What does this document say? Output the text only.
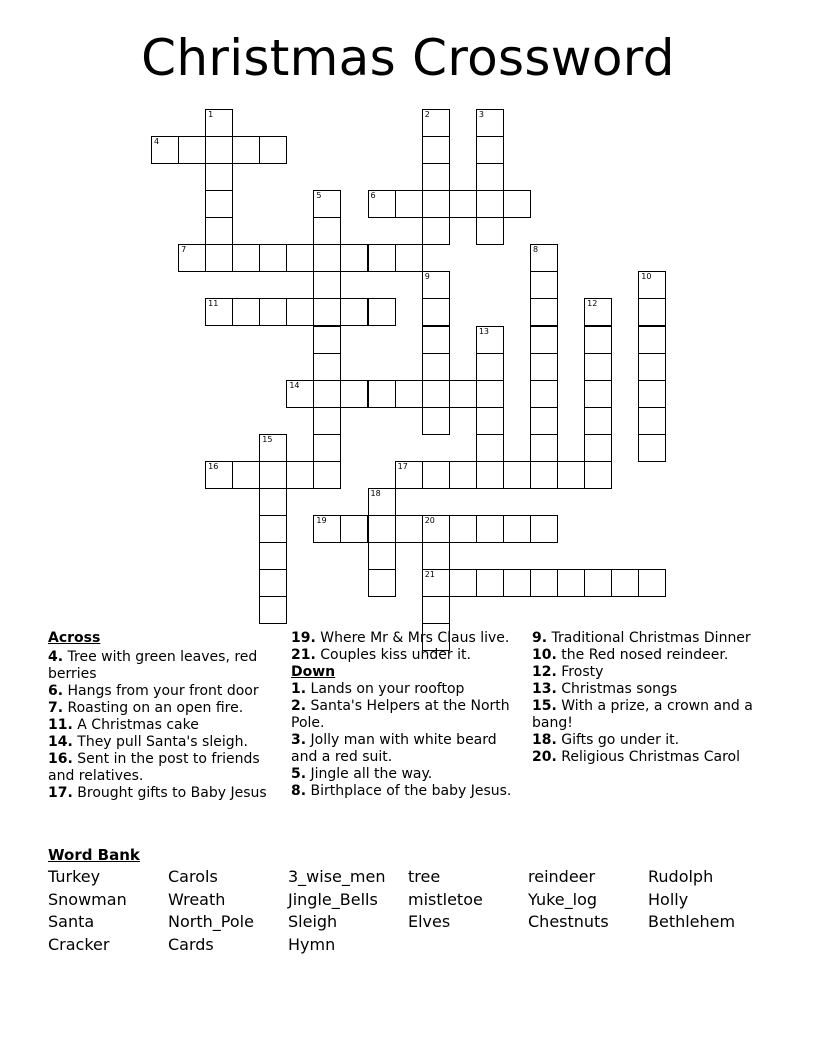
Christmas Crossword
1	2	3
4
5	6
7	8
9	10
11	12
13
14
15
16	17
18
19	20
21
Across
4. Tree with green leaves, red berries
6. Hangs from your front door
7. Roasting on an open fire.
11. A Christmas cake
14. They pull Santa's sleigh.
16. Sent in the post to friends and relatives.
17. Brought gifts to Baby Jesus
19. Where Mr & Mrs Claus live.
21. Couples kiss under it.
Down
1. Lands on your rooftop
2. Santa's Helpers at the North Pole.
3. Jolly man with white beard and a red suit.
5. Jingle all the way.
8. Birthplace of the baby Jesus.
9. Traditional Christmas Dinner
10. the Red nosed reindeer.
12. Frosty
13. Christmas songs
15. With a prize, a crown and a bang!
18. Gifts go under it.
20. Religious Christmas Carol
Word Bank
Turkey	Carols	3_wise_men	tree	reindeer	Rudolph
Snowman	Wreath	Jingle_Bells	mistletoe	Yuke_log	Holly
Santa	North_Pole	Sleigh	Elves	Chestnuts	Bethlehem
Cracker	Cards	Hymn
